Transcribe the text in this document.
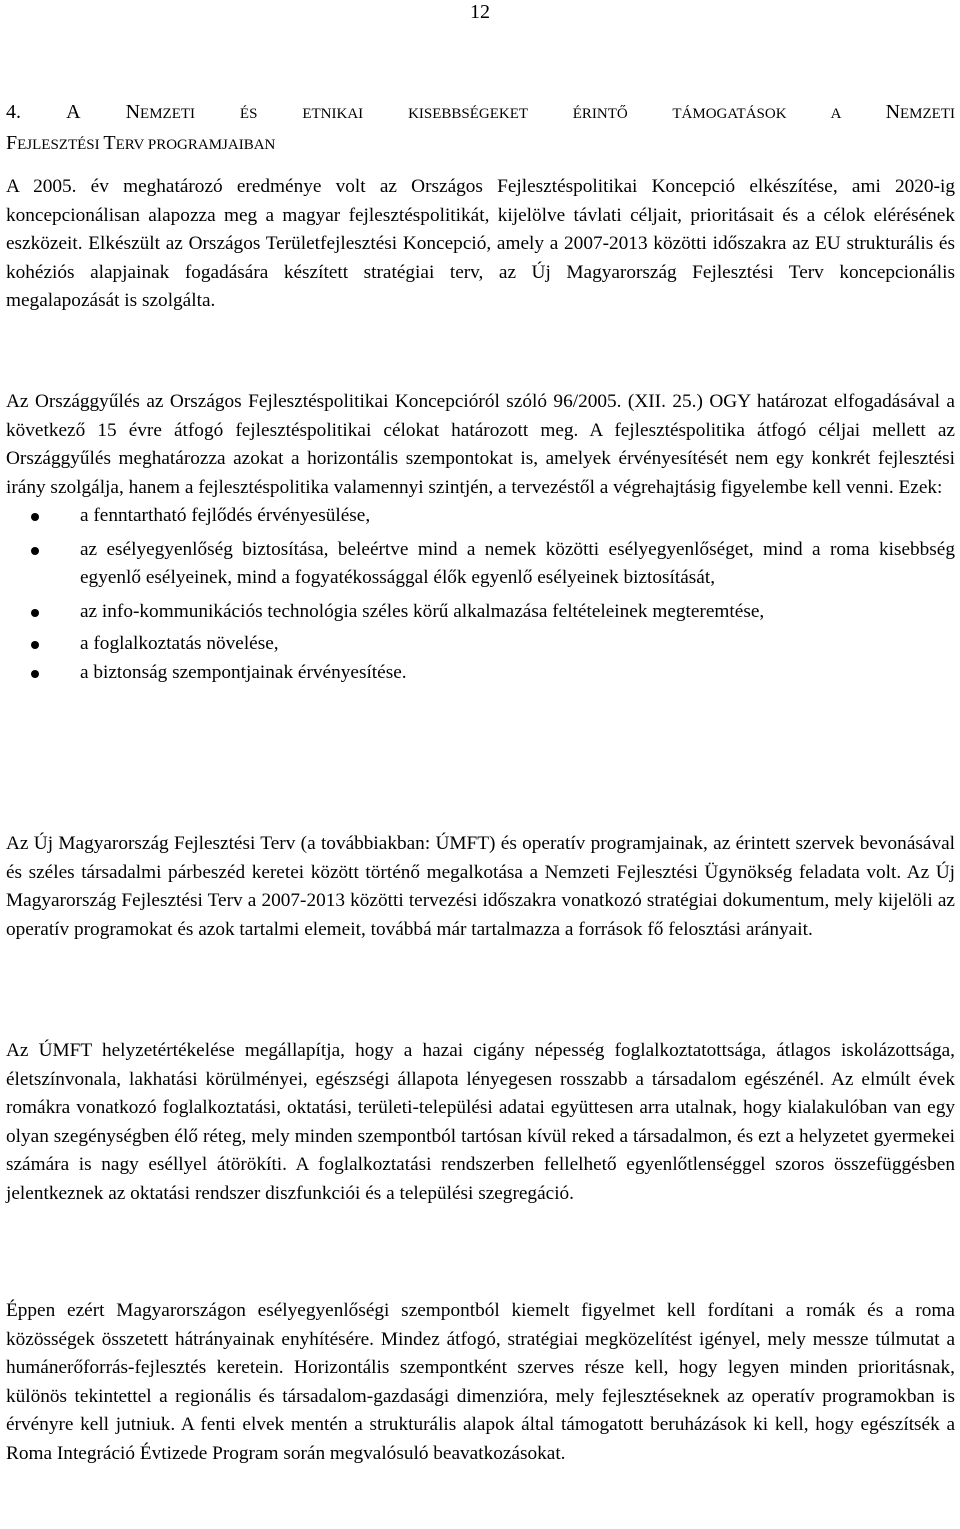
12
4. A NEMZETI ÉS ETNIKAI KISEBBSÉGEKET ÉRINTŐ TÁMOGATÁSOK A NEMZETI
FEJLESZTÉSI TERV PROGRAMJAIBAN

A 2005. év meghatározó eredménye volt az Országos Fejlesztéspolitikai Koncepció elkészítése, ami 2020-ig koncepcionálisan alapozza meg a magyar fejlesztéspolitikát, kijelölve távlati céljait, prioritásait és a célok elérésének eszközeit. Elkészült az Országos Területfejlesztési Koncepció, amely a 2007-2013 közötti időszakra az EU strukturális és kohéziós alapjainak fogadására készített stratégiai terv, az Új Magyarország Fejlesztési Terv koncepcionális megalapozását is szolgálta.

Az Országgyűlés az Országos Fejlesztéspolitikai Koncepcióról szóló 96/2005. (XII. 25.) OGY határozat elfogadásával a következő 15 évre átfogó fejlesztéspolitikai célokat határozott meg. A fejlesztéspolitika átfogó céljai mellett az Országgyűlés meghatározza azokat a horizontális szempontokat is, amelyek érvényesítését nem egy konkrét fejlesztési irány szolgálja, hanem a fejlesztéspolitika valamennyi szintjén, a tervezéstől a végrehajtásig figyelembe kell venni. Ezek:

a fenntartható fejlődés érvényesülése,
az esélyegyenlőség biztosítása, beleértve mind a nemek közötti esélyegyenlőséget, mind a roma kisebbség egyenlő esélyeinek, mind a fogyatékossággal élők egyenlő esélyeinek biztosítását,
az info-kommunikációs technológia széles körű alkalmazása feltételeinek megteremtése,
a foglalkoztatás növelése,
a biztonság szempontjainak érvényesítése.

Az Új Magyarország Fejlesztési Terv (a továbbiakban: ÚMFT) és operatív programjainak, az érintett szervek bevonásával és széles társadalmi párbeszéd keretei között történő megalkotása a Nemzeti Fejlesztési Ügynökség feladata volt. Az Új Magyarország Fejlesztési Terv a 2007-2013 közötti tervezési időszakra vonatkozó stratégiai dokumentum, mely kijelöli az operatív programokat és azok tartalmi elemeit, továbbá már tartalmazza a források fő felosztási arányait.

Az ÚMFT helyzetértékelése megállapítja, hogy a hazai cigány népesség foglalkoztatottsága, átlagos iskolázottsága, életszínvonala, lakhatási körülményei, egészségi állapota lényegesen rosszabb a társadalom egészénél. Az elmúlt évek romákra vonatkozó foglalkoztatási, oktatási, területi-települési adatai együttesen arra utalnak, hogy kialakulóban van egy olyan szegénységben élő réteg, mely minden szempontból tartósan kívül reked a társadalmon, és ezt a helyzetet gyermekei számára is nagy eséllyel átörökíti. A foglalkoztatási rendszerben fellelhető egyenlőtlenséggel szoros összefüggésben jelentkeznek az oktatási rendszer diszfunkciói és a települési szegregáció.

Éppen ezért Magyarországon esélyegyenlőségi szempontból kiemelt figyelmet kell fordítani a romák és a roma közösségek összetett hátrányainak enyhítésére. Mindez átfogó, stratégiai megközelítést igényel, mely messze túlmutat a humánerőforrás-fejlesztés keretein. Horizontális szempontként szerves része kell, hogy legyen minden prioritásnak, különös tekintettel a regionális és társadalom-gazdasági dimenzióra, mely fejlesztéseknek az operatív programokban is érvényre kell jutniuk. A fenti elvek mentén a strukturális alapok által támogatott beruházások ki kell, hogy egészítsék a Roma Integráció Évtizede Program során megvalósuló beavatkozásokat.
